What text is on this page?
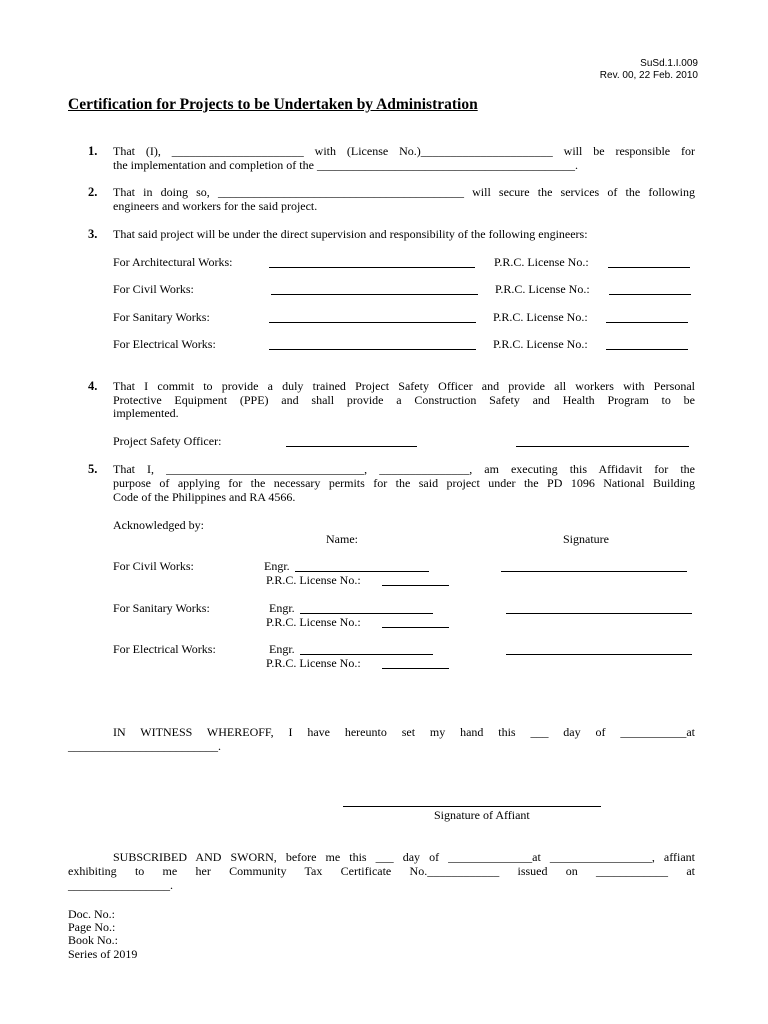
SuSd.1.I.009
Rev. 00, 22 Feb. 2010
Certification for Projects to be Undertaken by Administration
1. That (I), ______________________ with (License No.)______________________ will be responsible for
the implementation and completion of the ___________________________________________.
2. That in doing so, _________________________________________ will secure the services of the following
engineers and workers for the said project.
3. That said project will be under the direct supervision and responsibility of the following engineers:
For Architectural Works:	P.R.C. License No.:
For Civil Works:	P.R.C. License No.:
For Sanitary Works:	P.R.C. License No.:
For Electrical Works:	P.R.C. License No.:
4. That I commit to provide a duly trained Project Safety Officer and provide all workers with Personal
Protective Equipment (PPE) and shall provide a Construction Safety and Health Program to be
implemented.
Project Safety Officer:
5. That I, _________________________________, _______________, am executing this Affidavit for the
purpose of applying for the necessary permits for the said project under the PD 1096 National Building
Code of the Philippines and RA 4566.
Acknowledged by:
Name:	Signature
For Civil Works:	Engr.
P.R.C. License No.:
For Sanitary Works:	Engr.
P.R.C. License No.:
For Electrical Works:	Engr.
P.R.C. License No.:
IN WITNESS WHEREOFF, I have hereunto set my hand this ___ day of ___________at
_________________________.
Signature of Affiant
SUBSCRIBED AND SWORN, before me this ___ day of ______________at _________________, affiant
exhibiting to me her Community Tax Certificate No.____________ issued on ____________ at
_________________.
Doc. No.:
Page No.:
Book No.:
Series of 2019
